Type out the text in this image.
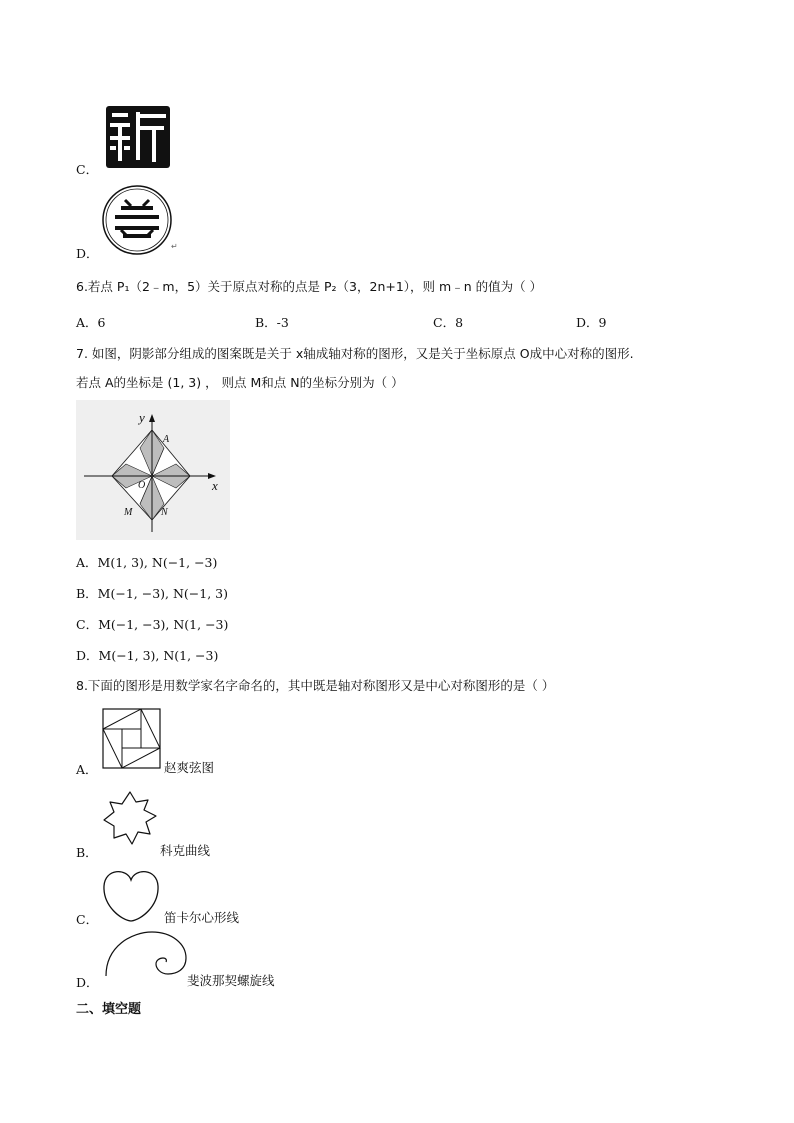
C．
D．	↵
6.若点 P₁（2﹣m，5）关于原点对称的点是 P₂（3，2n+1），则 m﹣n 的值为（ ）
A．6	B．-3	C．8	D．9
7. 如图，阴影部分组成的图案既是关于 x轴成轴对称的图形，又是关于坐标原点 O成中心对称的图形.
若点 A的坐标是 (1, 3) ， 则点 M和点 N的坐标分别为（ ）
y
x
A
O
M	N
A．M(1, 3), N(−1, −3)
B．M(−1, −3), N(−1, 3)
C．M(−1, −3), N(1, −3)
D．M(−1, 3), N(1, −3)
8.下面的图形是用数学家名字命名的，其中既是轴对称图形又是中心对称图形的是（ ）
A．	赵爽弦图
B．	科克曲线
C．	笛卡尔心形线
D．	斐波那契螺旋线
二、填空题
